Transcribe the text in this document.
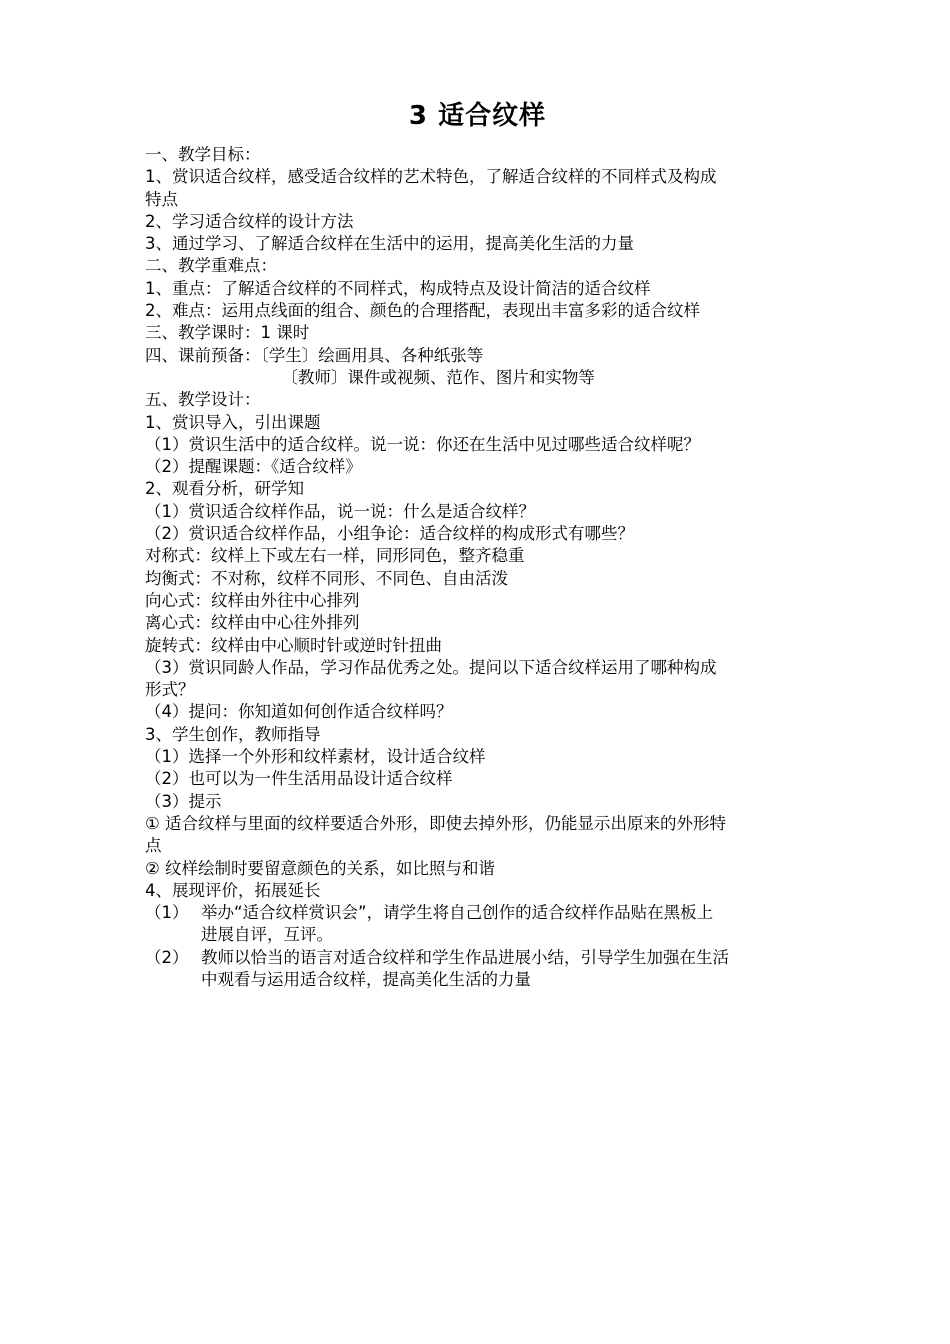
3 适合纹样
一、教学目标：
1、赏识适合纹样，感受适合纹样的艺术特色，了解适合纹样的不同样式及构成
特点
2、学习适合纹样的设计方法
3、通过学习、了解适合纹样在生活中的运用，提高美化生活的力量
二、教学重难点：
1、重点：了解适合纹样的不同样式，构成特点及设计简洁的适合纹样
2、难点：运用点线面的组合、颜色的合理搭配，表现出丰富多彩的适合纹样
三、教学课时：1 课时
四、课前预备：〔学生〕绘画用具、各种纸张等
〔教师〕课件或视频、范作、图片和实物等
五、教学设计：
1、赏识导入，引出课题
（1）赏识生活中的适合纹样。说一说：你还在生活中见过哪些适合纹样呢？
（2）提醒课题：《适合纹样》
2、观看分析，研学知
（1）赏识适合纹样作品，说一说：什么是适合纹样？
（2）赏识适合纹样作品，小组争论：适合纹样的构成形式有哪些？
对称式：纹样上下或左右一样，同形同色，整齐稳重
均衡式：不对称，纹样不同形、不同色、自由活泼
向心式：纹样由外往中心排列
离心式：纹样由中心往外排列
旋转式：纹样由中心顺时针或逆时针扭曲
（3）赏识同龄人作品，学习作品优秀之处。提问以下适合纹样运用了哪种构成
形式？
（4）提问：你知道如何创作适合纹样吗？
3、学生创作，教师指导
（1）选择一个外形和纹样素材，设计适合纹样
（2）也可以为一件生活用品设计适合纹样
（3）提示
① 适合纹样与里面的纹样要适合外形，即使去掉外形，仍能显示出原来的外形特
点
② 纹样绘制时要留意颜色的关系，如比照与和谐
4、展现评价，拓展延长
（1） 举办“适合纹样赏识会”，请学生将自己创作的适合纹样作品贴在黑板上
进展自评，互评。
（2） 教师以恰当的语言对适合纹样和学生作品进展小结，引导学生加强在生活
中观看与运用适合纹样，提高美化生活的力量
